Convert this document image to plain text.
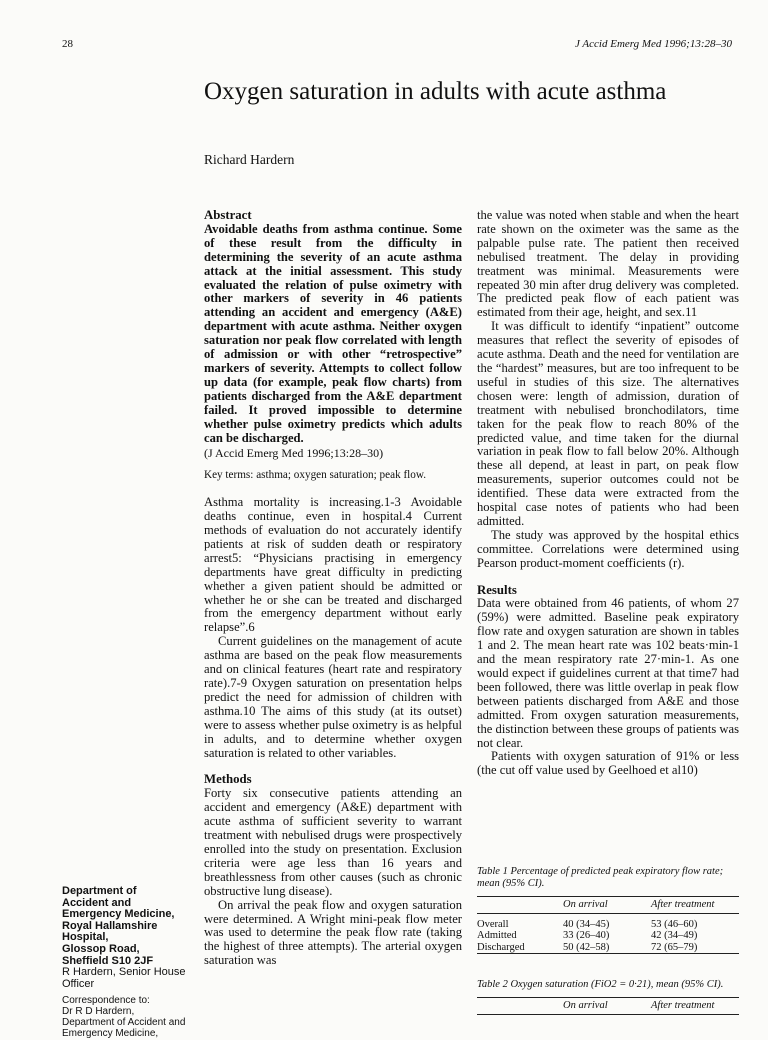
28	J Accid Emerg Med 1996;13:28–30
Oxygen saturation in adults with acute asthma
Richard Hardern

Abstract

Avoidable deaths from asthma continue. Some of these result from the difficulty in determining the severity of an acute asthma attack at the initial assessment. This study evaluated the relation of pulse oximetry with other markers of severity in 46 patients attending an accident and emergency (A&E) department with acute asthma. Neither oxygen saturation nor peak flow correlated with length of admission or with other “retrospective” markers of severity. Attempts to collect follow up data (for example, peak flow charts) from patients discharged from the A&E department failed. It proved impossible to determine whether pulse oximetry predicts which adults can be discharged.

(J Accid Emerg Med 1996;13:28–30)

Key terms: asthma; oxygen saturation; peak flow.

Asthma mortality is increasing.1-3 Avoidable deaths continue, even in hospital.4 Current methods of evaluation do not accurately identify patients at risk of sudden death or respiratory arrest5: “Physicians practising in emergency departments have great difficulty in predicting whether a given patient should be admitted or whether he or she can be treated and discharged from the emergency department without early relapse”.6

Current guidelines on the management of acute asthma are based on the peak flow measurements and on clinical features (heart rate and respiratory rate).7-9 Oxygen saturation on presentation helps predict the need for admission of children with asthma.10 The aims of this study (at its outset) were to assess whether pulse oximetry is as helpful in adults, and to determine whether oxygen saturation is related to other variables.

Methods

Forty six consecutive patients attending an accident and emergency (A&E) department with acute asthma of sufficient severity to warrant treatment with nebulised drugs were prospectively enrolled into the study on presentation. Exclusion criteria were age less than 16 years and breathlessness from other causes (such as chronic obstructive lung disease).

On arrival the peak flow and oxygen saturation were determined. A Wright mini-peak flow meter was used to determine the peak flow rate (taking the highest of three attempts). The arterial oxygen saturation was

the value was noted when stable and when the heart rate shown on the oximeter was the same as the palpable pulse rate. The patient then received nebulised treatment. The delay in providing treatment was minimal. Measurements were repeated 30 min after drug delivery was completed. The predicted peak flow of each patient was estimated from their age, height, and sex.11

It was difficult to identify “inpatient” outcome measures that reflect the severity of episodes of acute asthma. Death and the need for ventilation are the “hardest” measures, but are too infrequent to be useful in studies of this size. The alternatives chosen were: length of admission, duration of treatment with nebulised bronchodilators, time taken for the peak flow to reach 80% of the predicted value, and time taken for the diurnal variation in peak flow to fall below 20%. Although these all depend, at least in part, on peak flow measurements, superior outcomes could not be identified. These data were extracted from the hospital case notes of patients who had been admitted.

The study was approved by the hospital ethics committee. Correlations were determined using Pearson product-moment coefficients (r).

Results

Data were obtained from 46 patients, of whom 27 (59%) were admitted. Baseline peak expiratory flow rate and oxygen saturation are shown in tables 1 and 2. The mean heart rate was 102 beats·min-1 and the mean respiratory rate 27·min-1. As one would expect if guidelines current at that time7 had been followed, there was little overlap in peak flow between patients discharged from A&E and those admitted. From oxygen saturation measurements, the distinction between these groups of patients was not clear.

Patients with oxygen saturation of 91% or less (the cut off value used by Geelhoed et al10)

Table 1 Percentage of predicted peak expiratory flow rate; mean (95% CI).
	On arrival	After treatment

Overall	40 (34–45)	53 (46–60)
Admitted	33 (26–40)	42 (34–49)
Discharged	50 (42–58)	72 (65–79)
Table 2 Oxygen saturation (FiO2 = 0·21), mean (95% CI).
	On arrival	After treatment
Department of
Accident and
Emergency Medicine,
Royal Hallamshire
Hospital,
Glossop Road,
Sheffield S10 2JF
R Hardern, Senior House
Officer
Correspondence to:
Dr R D Hardern,
Department of Accident and
Emergency Medicine,
